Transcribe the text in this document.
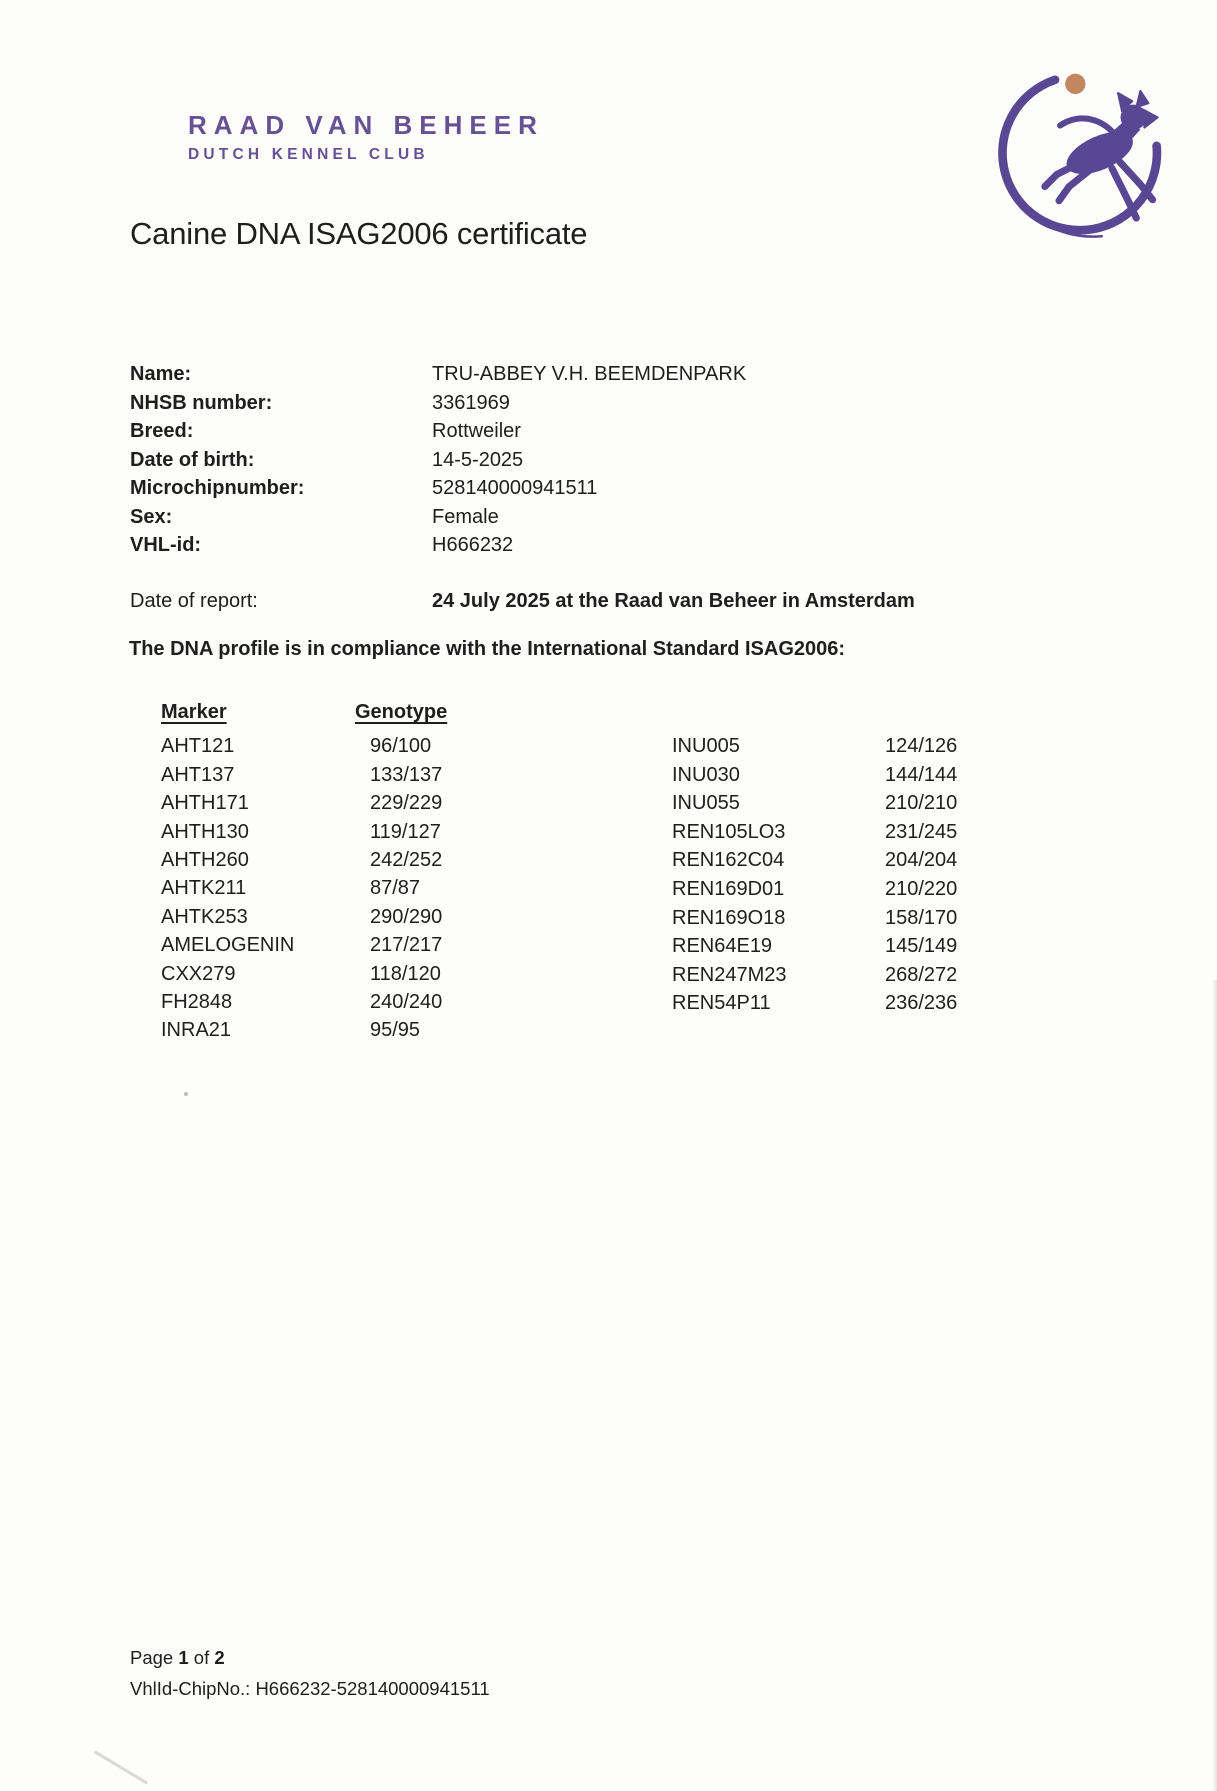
RAAD VAN BEHEER
DUTCH KENNEL CLUB
Canine DNA ISAG2006 certificate
Name:	TRU-ABBEY V.H. BEEMDENPARK
NHSB number:	3361969
Breed:	Rottweiler
Date of birth:	14-5-2025
Microchipnumber:	528140000941511
Sex:	Female
VHL-id:	H666232
Date of report:	24 July 2025 at the Raad van Beheer in Amsterdam
The DNA profile is in compliance with the International Standard ISAG2006:
Marker	Genotype
AHT121	96/100
AHT137	133/137
AHTH171	229/229
AHTH130	119/127
AHTH260	242/252
AHTK211	87/87
AHTK253	290/290
AMELOGENIN	217/217
CXX279	118/120
FH2848	240/240
INRA21	95/95
INU005	124/126
INU030	144/144
INU055	210/210
REN105LO3	231/245
REN162C04	204/204
REN169D01	210/220
REN169O18	158/170
REN64E19	145/149
REN247M23	268/272
REN54P11	236/236
Page 1 of 2
VhlId-ChipNo.: H666232-528140000941511
